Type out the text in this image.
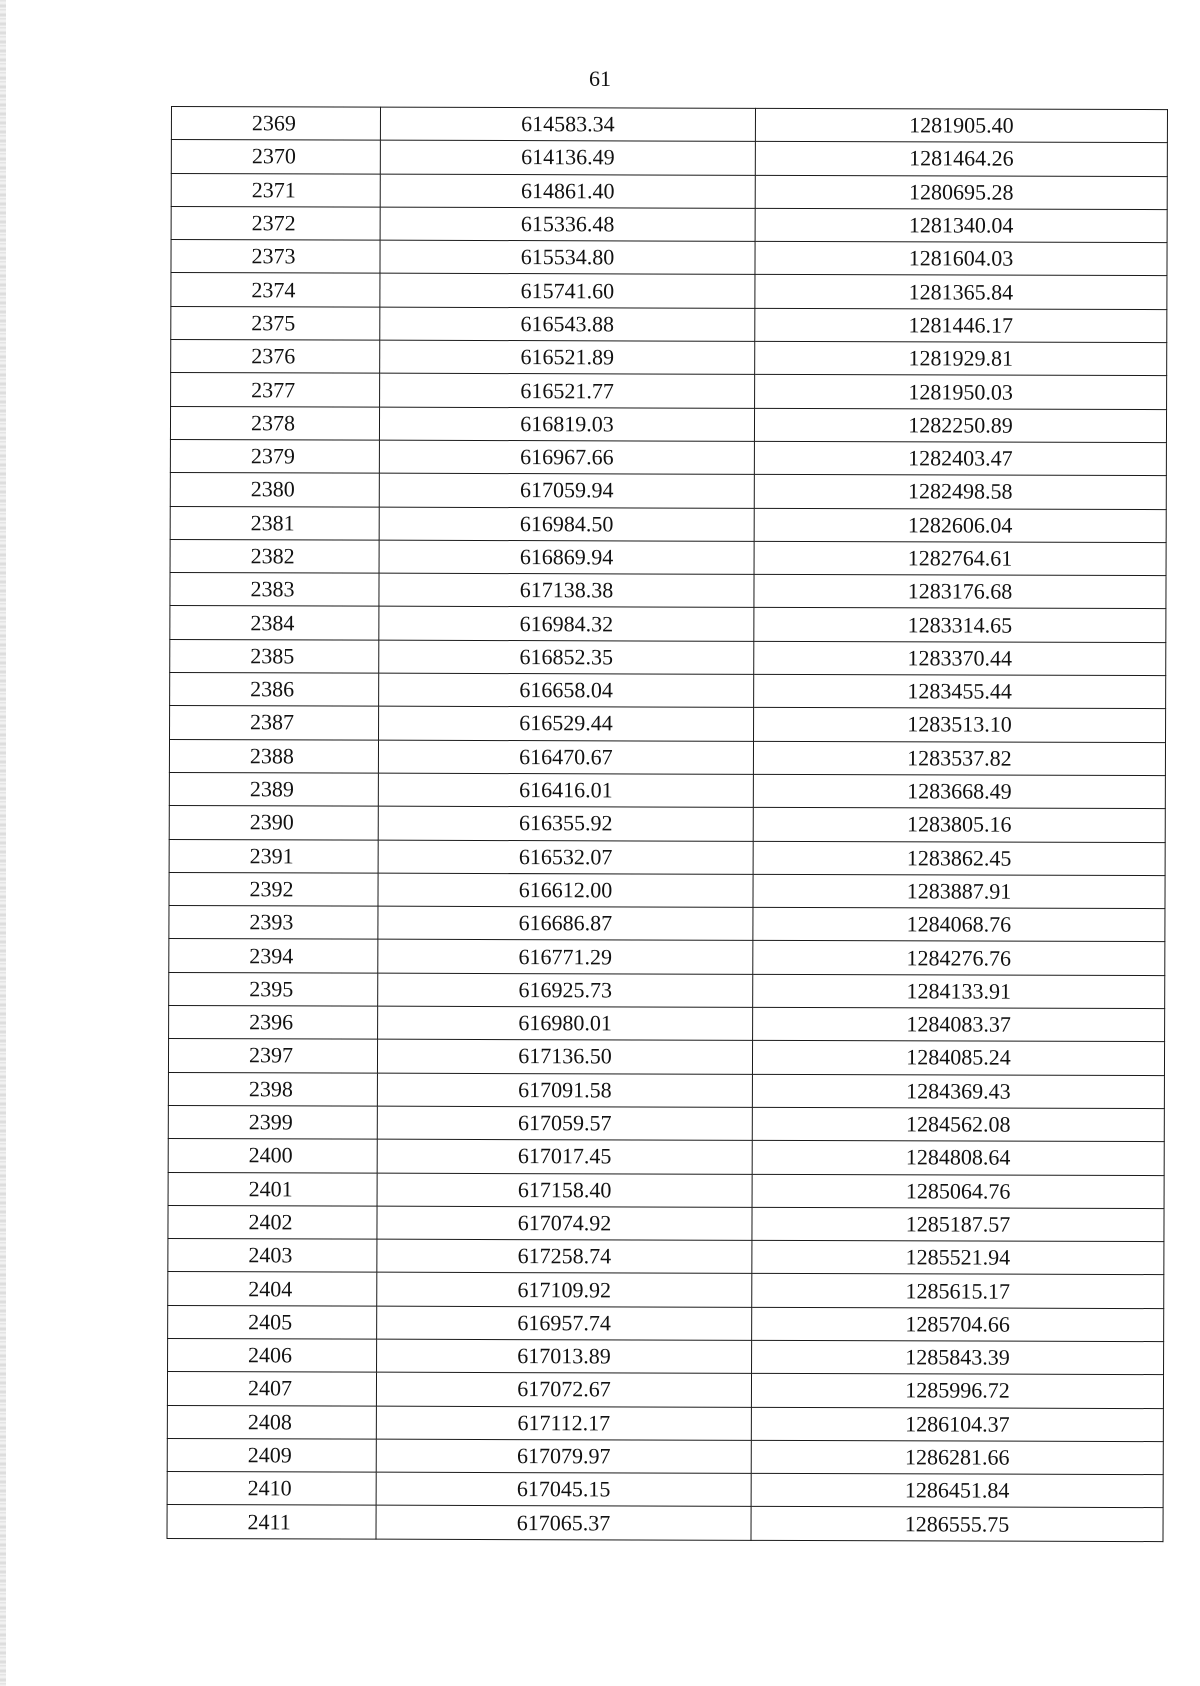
61
2369	614583.34	1281905.40
2370	614136.49	1281464.26
2371	614861.40	1280695.28
2372	615336.48	1281340.04
2373	615534.80	1281604.03
2374	615741.60	1281365.84
2375	616543.88	1281446.17
2376	616521.89	1281929.81
2377	616521.77	1281950.03
2378	616819.03	1282250.89
2379	616967.66	1282403.47
2380	617059.94	1282498.58
2381	616984.50	1282606.04
2382	616869.94	1282764.61
2383	617138.38	1283176.68
2384	616984.32	1283314.65
2385	616852.35	1283370.44
2386	616658.04	1283455.44
2387	616529.44	1283513.10
2388	616470.67	1283537.82
2389	616416.01	1283668.49
2390	616355.92	1283805.16
2391	616532.07	1283862.45
2392	616612.00	1283887.91
2393	616686.87	1284068.76
2394	616771.29	1284276.76
2395	616925.73	1284133.91
2396	616980.01	1284083.37
2397	617136.50	1284085.24
2398	617091.58	1284369.43
2399	617059.57	1284562.08
2400	617017.45	1284808.64
2401	617158.40	1285064.76
2402	617074.92	1285187.57
2403	617258.74	1285521.94
2404	617109.92	1285615.17
2405	616957.74	1285704.66
2406	617013.89	1285843.39
2407	617072.67	1285996.72
2408	617112.17	1286104.37
2409	617079.97	1286281.66
2410	617045.15	1286451.84
2411	617065.37	1286555.75
